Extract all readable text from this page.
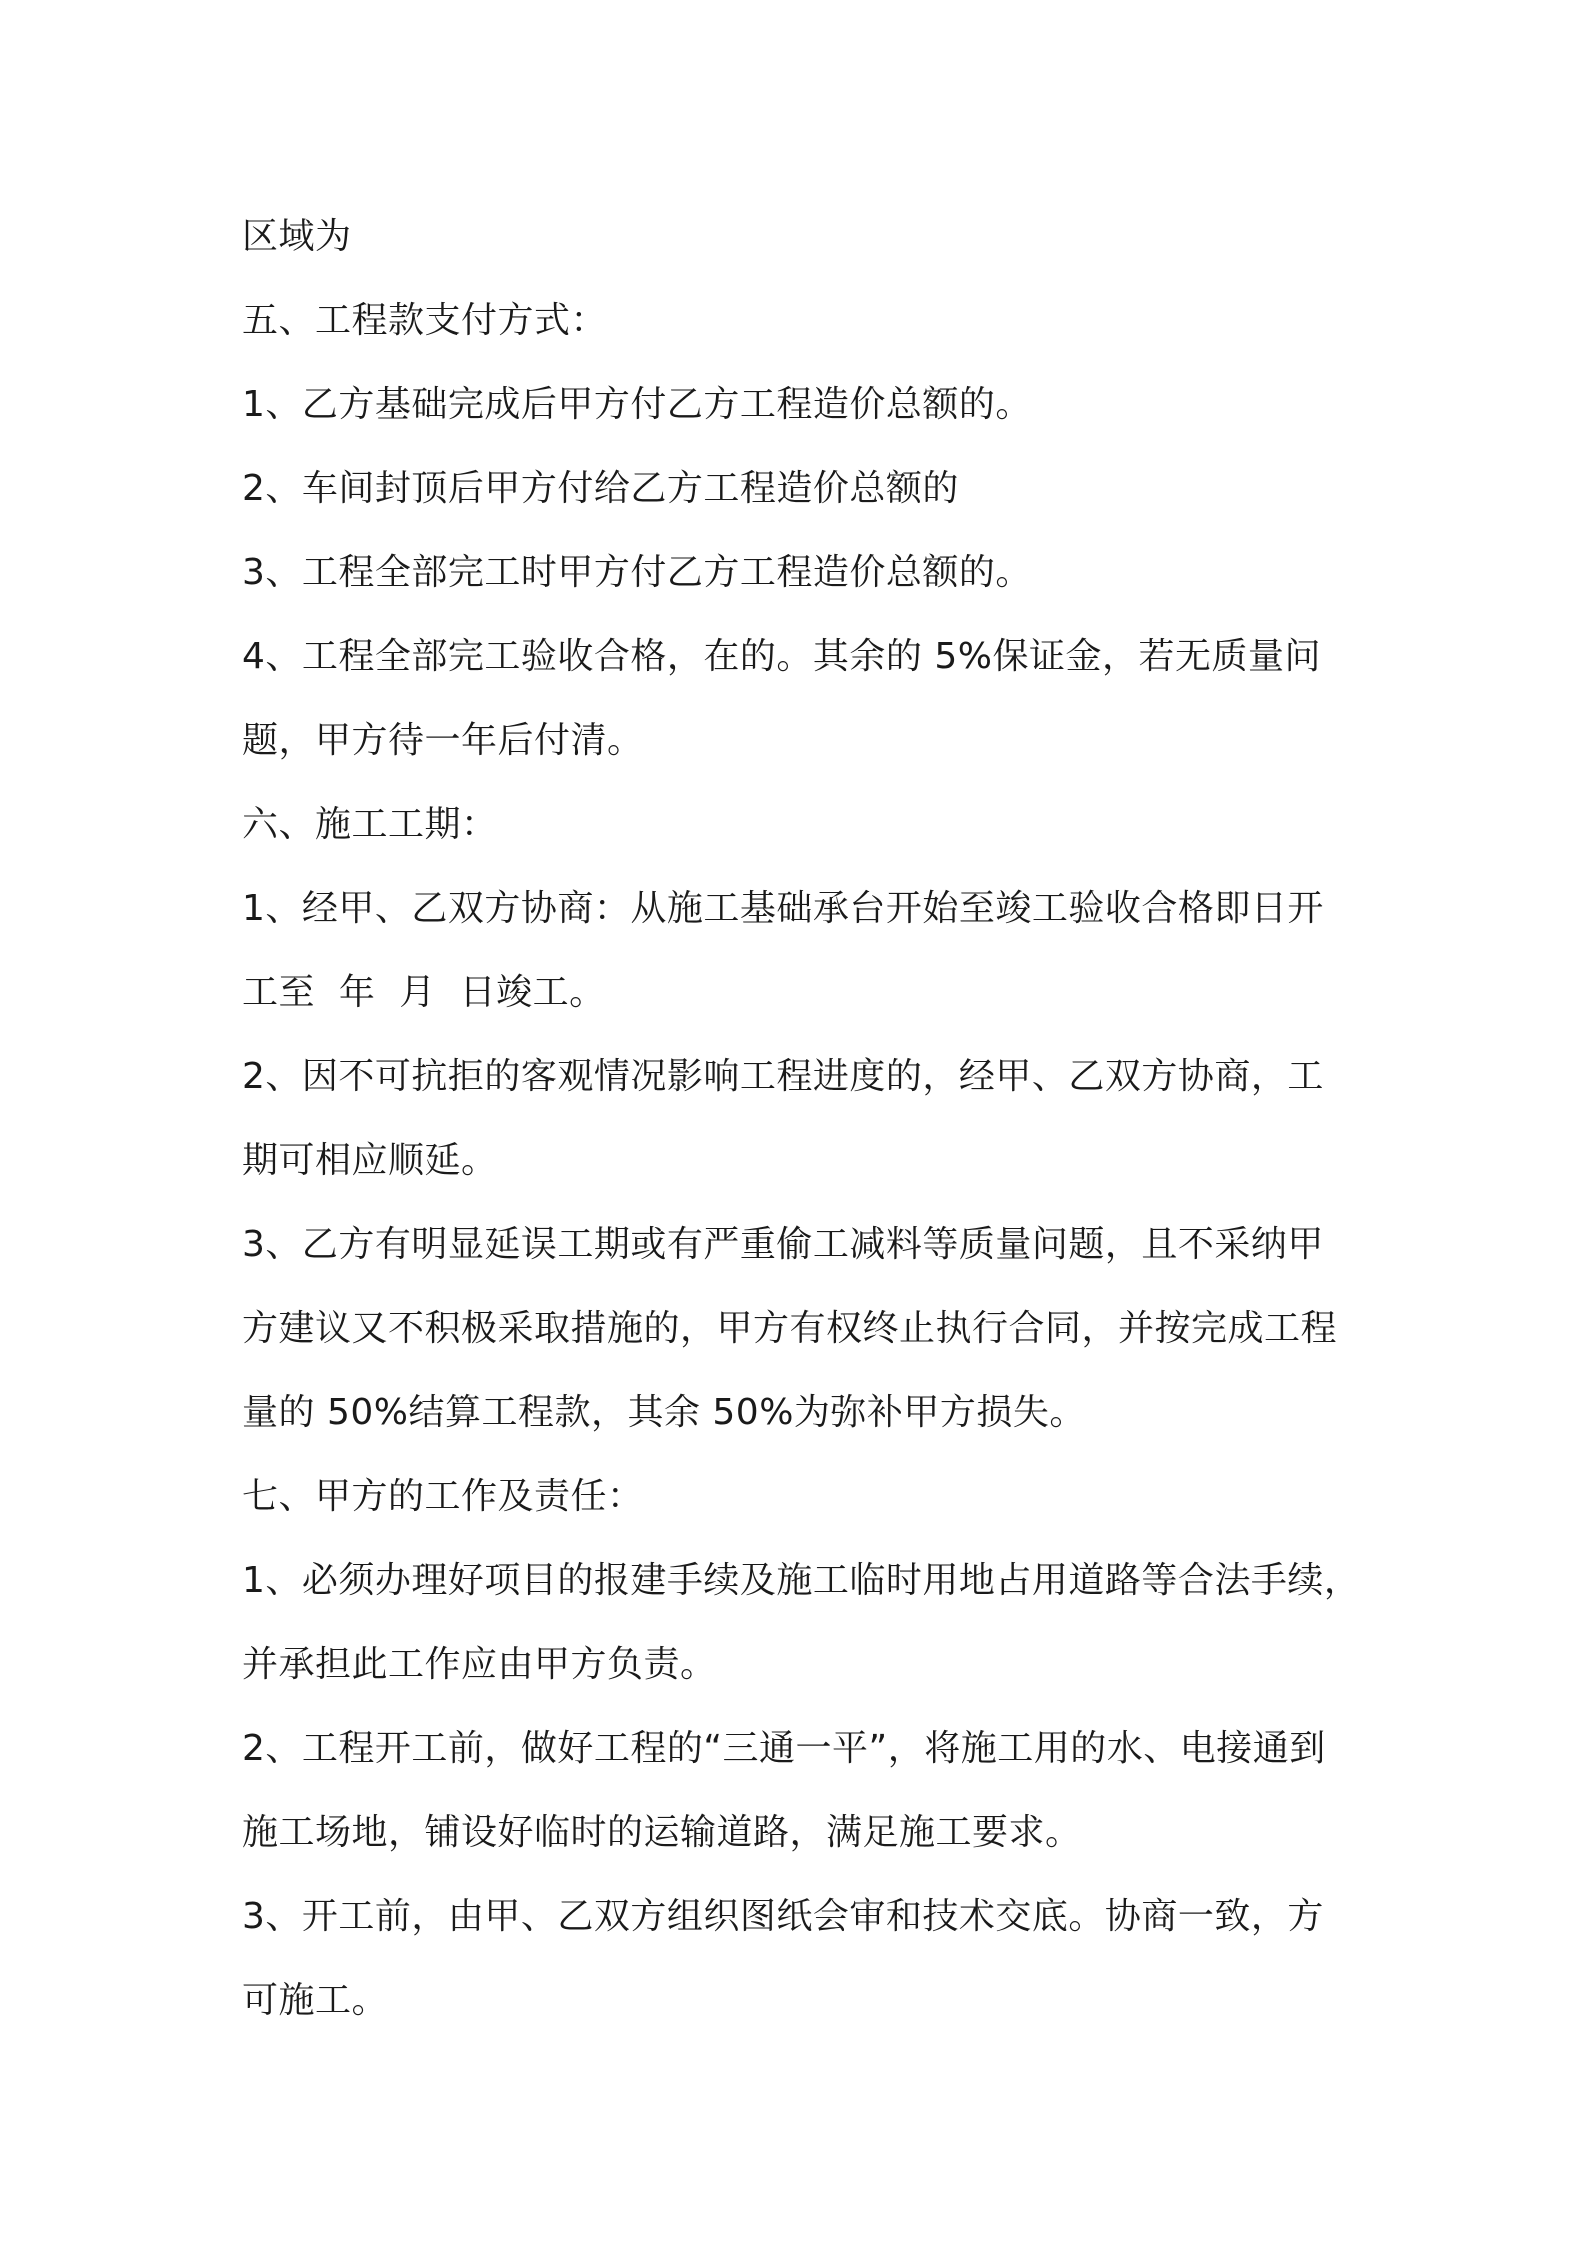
区域为
五、工程款支付方式：
1、乙方基础完成后甲方付乙方工程造价总额的。
2、车间封顶后甲方付给乙方工程造价总额的
3、工程全部完工时甲方付乙方工程造价总额的。
4、工程全部完工验收合格，在的。其余的 5%保证金，若无质量问
题，甲方待一年后付清。
六、施工工期：
1、经甲、乙双方协商：从施工基础承台开始至竣工验收合格即日开
工至  年  月  日竣工。
2、因不可抗拒的客观情况影响工程进度的，经甲、乙双方协商，工
期可相应顺延。
3、乙方有明显延误工期或有严重偷工减料等质量问题，且不采纳甲
方建议又不积极采取措施的，甲方有权终止执行合同，并按完成工程
量的 50%结算工程款，其余 50%为弥补甲方损失。
七、甲方的工作及责任：
1、必须办理好项目的报建手续及施工临时用地占用道路等合法手续，
并承担此工作应由甲方负责。
2、工程开工前，做好工程的“三通一平”，将施工用的水、电接通到
施工场地，铺设好临时的运输道路，满足施工要求。
3、开工前，由甲、乙双方组织图纸会审和技术交底。协商一致，方
可施工。
